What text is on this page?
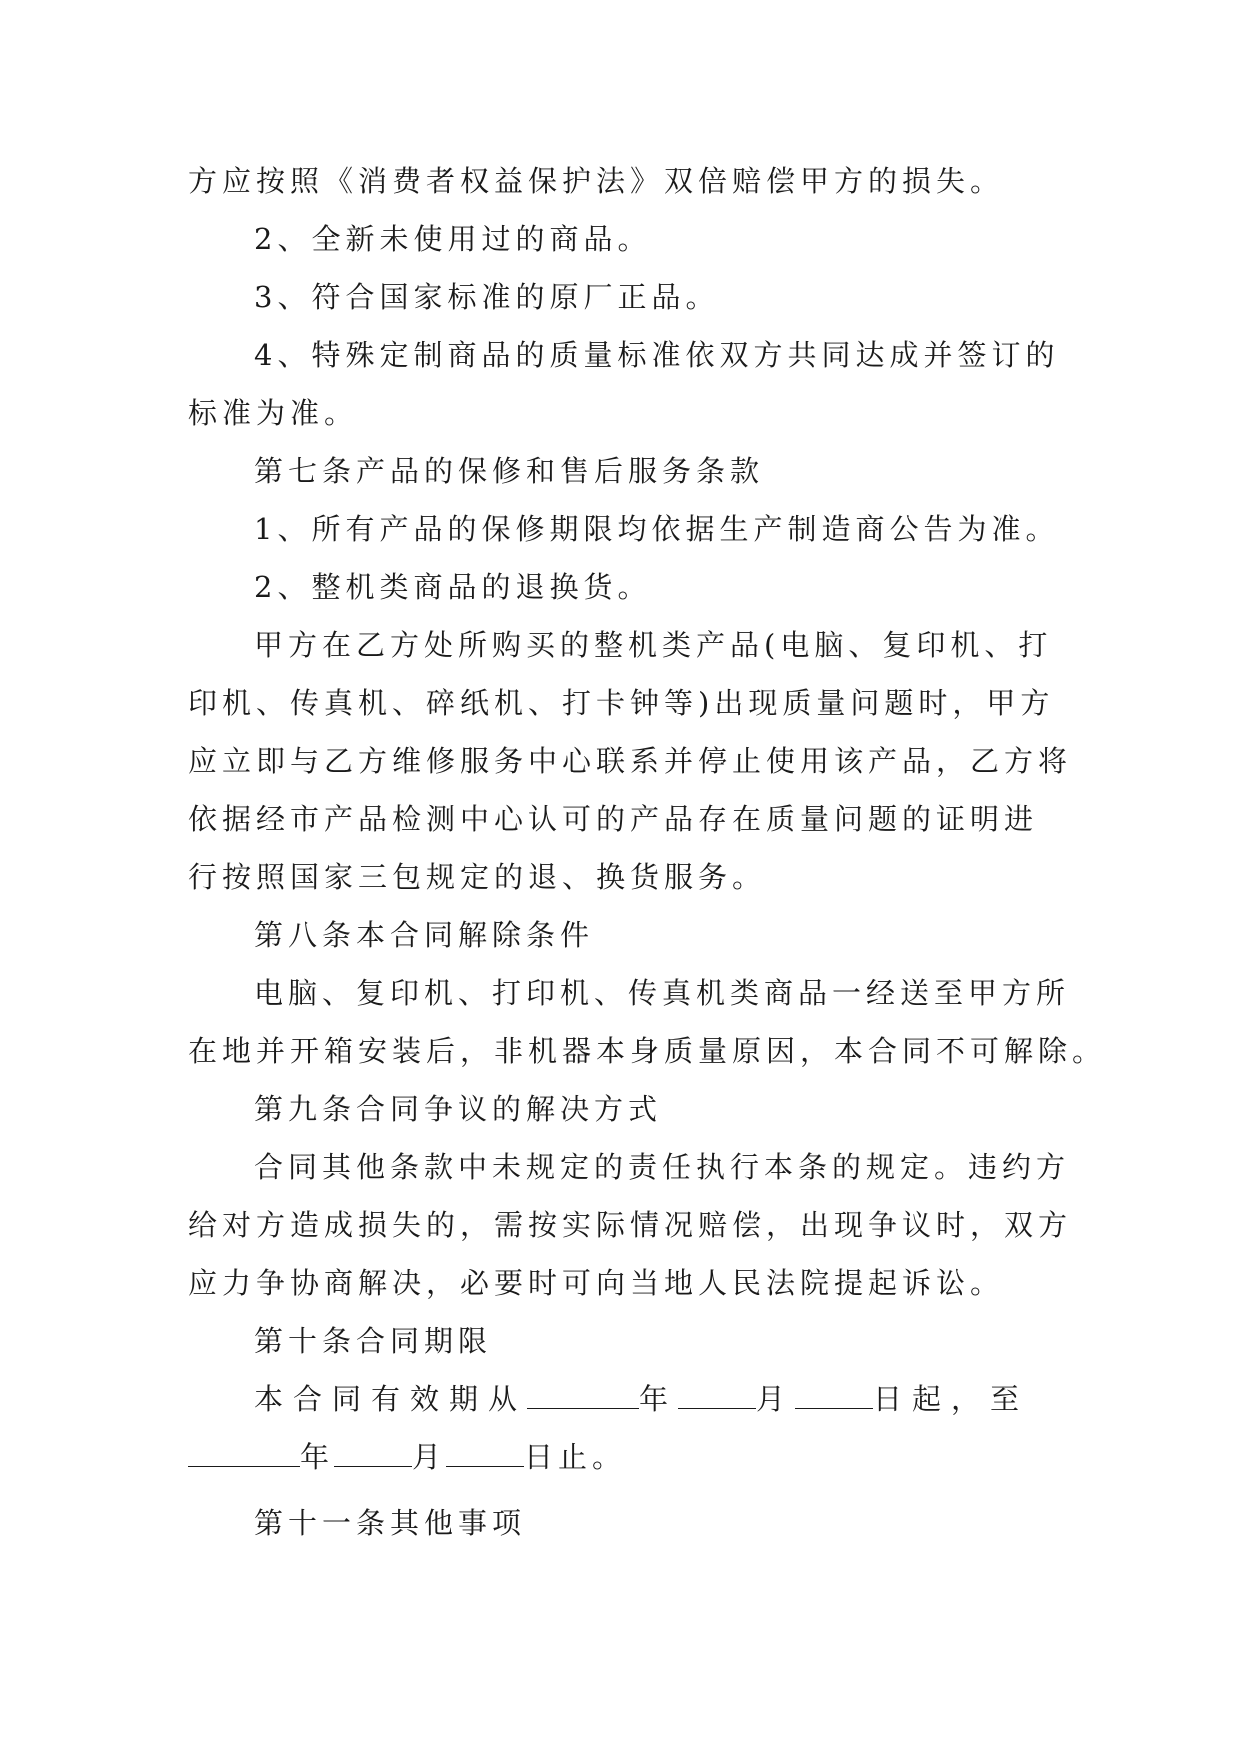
方应按照《消费者权益保护法》双倍赔偿甲方的损失。
2、全新未使用过的商品。
3、符合国家标准的原厂正品。
4、特殊定制商品的质量标准依双方共同达成并签订的
标准为准。
第七条产品的保修和售后服务条款
1、所有产品的保修期限均依据生产制造商公告为准。
2、整机类商品的退换货。
甲方在乙方处所购买的整机类产品(电脑、复印机、打
印机、传真机、碎纸机、打卡钟等)出现质量问题时，甲方
应立即与乙方维修服务中心联系并停止使用该产品，乙方将
依据经市产品检测中心认可的产品存在质量问题的证明进
行按照国家三包规定的退、换货服务。
第八条本合同解除条件
电脑、复印机、打印机、传真机类商品一经送至甲方所
在地并开箱安装后，非机器本身质量原因，本合同不可解除。
第九条合同争议的解决方式
合同其他条款中未规定的责任执行本条的规定。违约方
给对方造成损失的，需按实际情况赔偿，出现争议时，双方
应力争协商解决，必要时可向当地人民法院提起诉讼。
第十条合同期限
本合同有效期从	年	月	日起，至
年	月	日止。
第十一条其他事项
